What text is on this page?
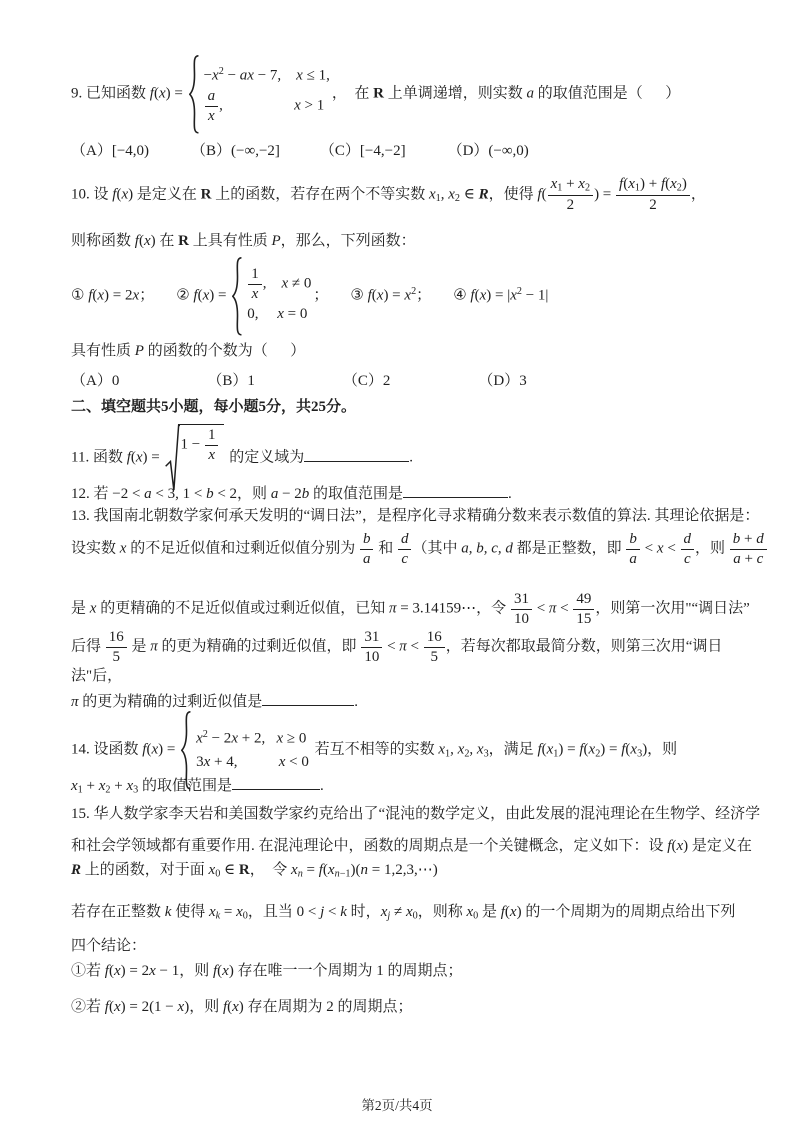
9. 已知函数 f(x) =
$-x^2$ − ax − 7,    x ≤ 1,
$\frac{a}{x}$ ,                   x > 1
，  在 R 上单调递增，则实数 a 的取值范围是（      ）
（A）[−4,0)	（B）(−∞,−2]	（C）[−4,−2]	（D）(−∞,0)
10. 设 f(x) 是定义在 R 上的函数，若存在两个不等实数 $x_1$, $x_2$ ∈ R，使得 $f( \frac{x_1 + x_2}{2}$ ) = $\frac{f(x_1) + f(x_2)}{2}$ ，
则称函数 f(x) 在 R 上具有性质 P，那么，下列函数：
① f(x) = 2x； ② $f(x) = \frac{1}{x}$ ,    x ≠ 0
0,     x = 0
； ③ $f(x) = x^2$； ④ $f(x) = |x^2 - 1|$
具有性质 P 的函数的个数为（      ）
（A）0	（B）1	（C）2	（D）3
二、填空题共5小题，每小题5分，共25分。
11. 函数 f(x) =
$1 - \frac{1}{x}$ 的定义域为	.
12. 若 −2 < a < 3, 1 < b < 2，则 a − 2b 的取值范围是	.
13. 我国南北朝数学家何承天发明的“调日法”，是程序化寻求精确分数来表示数值的算法. 其理论依据是：
设实数 x 的不足近似值和过剩近似值分别为 $\frac{b}{a}$ 和 $\frac{d}{c}$ （其中 a, b, c, d 都是正整数，即 $\frac{b}{a} < x < \frac{d}{c}$ ，则 $\frac{b + d}{a + c}$
是 x 的更精确的不足近似值或过剩近似值，已知 π = 3.14159⋯，令 $\frac{31}{10} < \pi < \frac{49}{15}$ ，则第一次用"“调日法”
后得 $\frac{16}{5}$ 是 π 的更为精确的过剩近似值，即 $\frac{31}{10} < \pi < \frac{16}{5}$ ，若每次都取最简分数，则第三次用“调日法"后，
π 的更为精确的过剩近似值是	.
14. 设函数 f(x) =
$x^2 - 2x + 2$,   x ≥ 0
3x + 4,           x < 0
若互不相等的实数 $x_1$, $x_2$, $x_3$，满足 $f(x_1) = f(x_2) = f(x_3)$，则
$x_1 + x_2 + x_3$ 的取值范围是	.
15. 华人数学家李天岩和美国数学家约克给出了“混沌的数学定义，由此发展的混沌理论在生物学、经济学
和社会学领域都有重要作用. 在混沌理论中，函数的周期点是一个关键概念，定义如下：设 f(x) 是定义在
R 上的函数，对于面 $x_0$ ∈ R，  令 $x_n = f(x_{n-1})(n$ = 1,2,3,⋯)
若存在正整数 k 使得 $x_k = x_0$，且当 0 < j < k 时，$x_j \ne x_0$，则称 $x_0$ 是 f(x) 的一个周期为的周期点给出下列
四个结论：
①若 f(x) = 2x − 1，则 f(x) 存在唯一一个周期为 1 的周期点；
②若 f(x) = 2(1 − x)，则 f(x) 存在周期为 2 的周期点；
第2页/共4页
